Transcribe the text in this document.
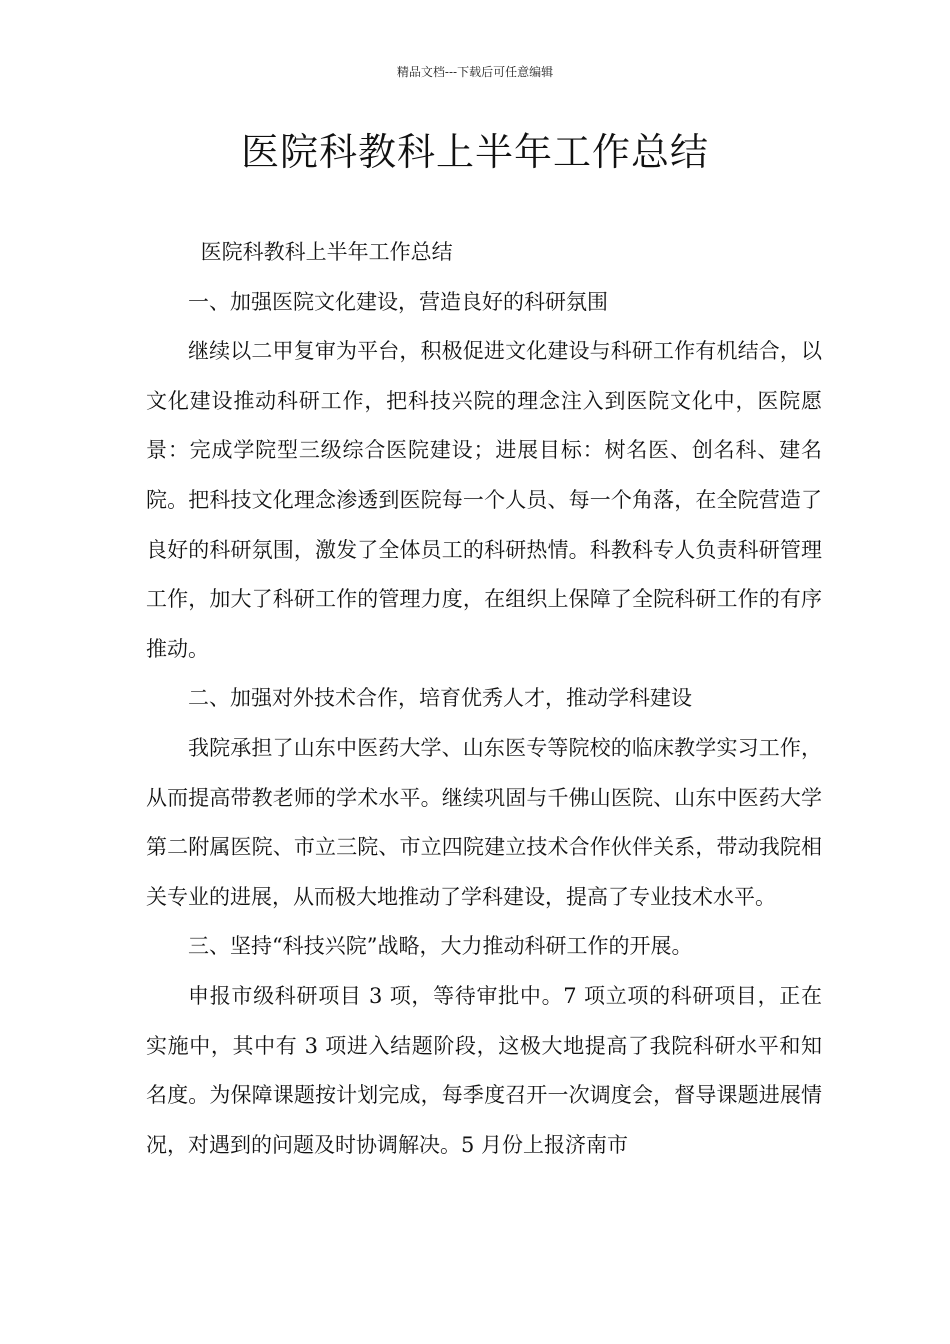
精品文档---下载后可任意编辑
医院科教科上半年工作总结

医院科教科上半年工作总结

一、加强医院文化建设，营造良好的科研氛围

继续以二甲复审为平台，积极促进文化建设与科研工作有机结合，以文化建设推动科研工作，把科技兴院的理念注入到医院文化中，医院愿景：完成学院型三级综合医院建设；进展目标：树名医、创名科、建名院。把科技文化理念渗透到医院每一个人员、每一个角落，在全院营造了良好的科研氛围，激发了全体员工的科研热情。科教科专人负责科研管理工作，加大了科研工作的管理力度，在组织上保障了全院科研工作的有序推动。

二、加强对外技术合作，培育优秀人才，推动学科建设

我院承担了山东中医药大学、山东医专等院校的临床教学实习工作，从而提高带教老师的学术水平。继续巩固与千佛山医院、山东中医药大学第二附属医院、市立三院、市立四院建立技术合作伙伴关系，带动我院相关专业的进展，从而极大地推动了学科建设，提高了专业技术水平。

三、坚持“科技兴院”战略，大力推动科研工作的开展。

申报市级科研项目 3 项，等待审批中。7 项立项的科研项目，正在实施中，其中有 3 项进入结题阶段，这极大地提高了我院科研水平和知名度。为保障课题按计划完成，每季度召开一次调度会，督导课题进展情况，对遇到的问题及时协调解决。5 月份上报济南市
